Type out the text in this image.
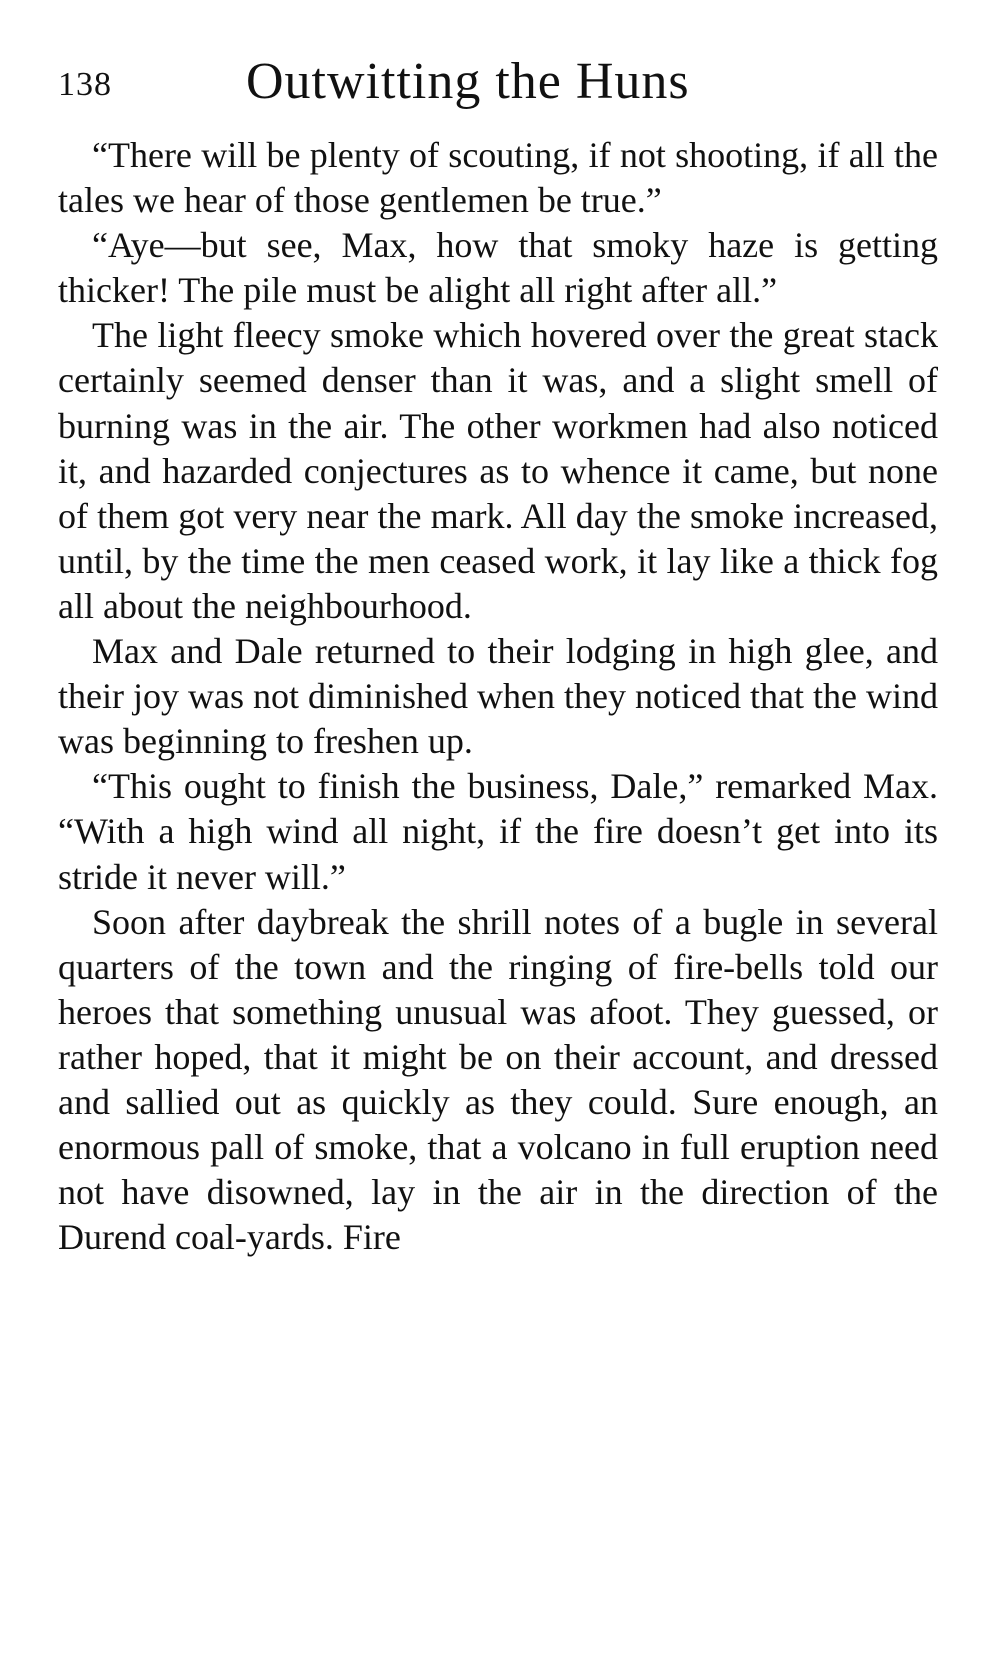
138	Outwitting the Huns

“There will be plenty of scouting, if not shooting, if all the tales we hear of those gentlemen be true.”

“Aye—but see, Max, how that smoky haze is getting thicker! The pile must be alight all right after all.”

The light fleecy smoke which hovered over the great stack certainly seemed denser than it was, and a slight smell of burning was in the air. The other workmen had also noticed it, and hazarded conjectures as to whence it came, but none of them got very near the mark. All day the smoke increased, until, by the time the men ceased work, it lay like a thick fog all about the neighbourhood.

Max and Dale returned to their lodging in high glee, and their joy was not diminished when they noticed that the wind was beginning to freshen up.

“This ought to finish the business, Dale,” remarked Max. “With a high wind all night, if the fire doesn’t get into its stride it never will.”

Soon after daybreak the shrill notes of a bugle in several quarters of the town and the ringing of fire-bells told our heroes that something unusual was afoot. They guessed, or rather hoped, that it might be on their account, and dressed and sallied out as quickly as they could. Sure enough, an enormous pall of smoke, that a volcano in full eruption need not have disowned, lay in the air in the direction of the Durend coal-yards. Fire
